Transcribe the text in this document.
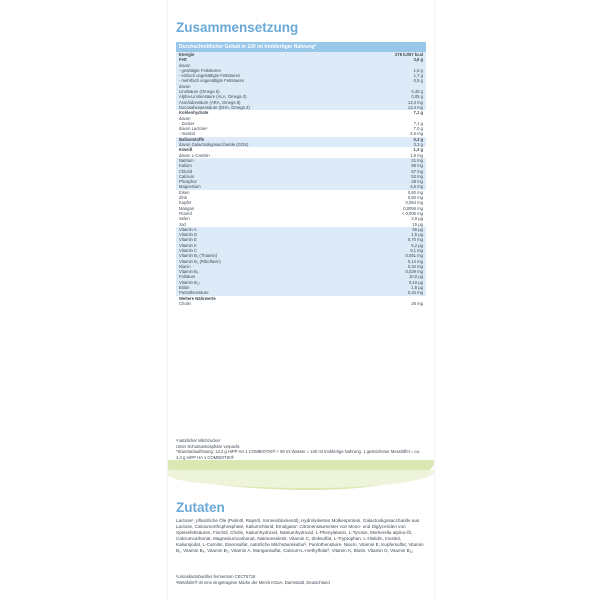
Zusammensetzung
Durchschnittlicher Gehalt in 100 ml trinkfertiger Nahrung*
Energie	278 kJ/67 kcal
Fett	3,6 g
davon
- gesättigte Fettsäuren	1,5 g
- einfach ungesättigte Fettsäuren	1,7 g
- mehrfach ungesättigte Fettsäuren	0,5 g
davon
Linolsäure (Omega 6)	0,40 g
Alpha-Linolensäure (ALA, Omega 3)	0,05 g
Arachidonsäure (ARA, Omega 6)	13,4 mg
Docosahexaensäure (DHA, Omega 3)	13,4 mg
Kohlenhydrate	7,1 g
davon
- Zucker	7,1 g
davon Lactose¹	7,0 g
- Inositol	4,5 mg
Ballaststoffe	0,3 g
davon Galactooligosaccharide (GOS)	0,3 g
Eiweiß	1,3 g
davon L-Carnitin	1,8 mg
Natrium	21 mg
Kalium	85 mg
Chlorid	57 mg
Calcium	52 mg
Phosphor	28 mg
Magnesium	4,6 mg
Eisen	0,60 mg
Zink	0,60 mg
Kupfer	0,054 mg
Mangan	0,0056 mg
Fluorid	< 0,005 mg
Selen	3,9 µg
Jod	15 µg
Vitamin A	55 µg
Vitamin D	1,5 µg
Vitamin E	0,70 mg
Vitamin K	5,2 µg
Vitamin C	9,1 mg
Vitamin B₁ (Thiamin)	0,051 mg
Vitamin B₂ (Riboflavin)	0,14 mg
Niacin	0,34 mg
Vitamin B₆	0,029 mg
Folsäure	10,0 µg
Vitamin B₁₂	0,10 µg
Biotin	1,5 µg
Pantothensäure	0,34 mg
Weitere Nährwerte
Cholin	26 mg

¹natürlicher Milchzucker

Unter Schutzatmosphäre verpackt.

*Standardauflösung: 13,2 g HiPP HA 1 COMBIOTIK® + 90 ml Wasser = 100 ml trinkfertige Nahrung. 1 gestrichener Messlöffel = ca. 4,4 g HiPP HA 1 COMBIOTIK®

Zutaten

Lactose¹, pflanzliche Öle (Palmöl, Rapsöl, Sonnenblumenöl), Hydrolysiertes Molkenprotein, Galactooligosaccharide aus Lactose, Calciumorthophosphate, Kaliumchlorid, Emulgator: Citronensäureester von Mono- und Diglyceriden von Speisefettsäuren, Fischöl, Cholin, Kaliumhydroxid, Natriumhydroxid, L-Phenylalanin, L-Tyrosin, Mortierella alpina-Öl, Calciumcarbonat, Magnesiumcarbonat, Natriumselenit, Vitamin C, Zinksulfat, L-Tryptophan, L-Histidin, Inositol, Kaliumjodat, L-Carnitin, Eisensulfat, natürliche Milchsäurekultur², Pantothensäure, Niacin, Vitamin E, Kupfersulfat, Vitamin B₁, Vitamin B₆, Vitamin B₂, Vitamin A, Mangansulfat, Calcium-L-methylfolat³, Vitamin K, Biotin, Vitamin D, Vitamin B₁₂

²Limosilactobacillus fermentum CECT5716

³Metafolin® ist eine eingetragene Marke der Merck KGaA, Darmstadt, Deutschland
